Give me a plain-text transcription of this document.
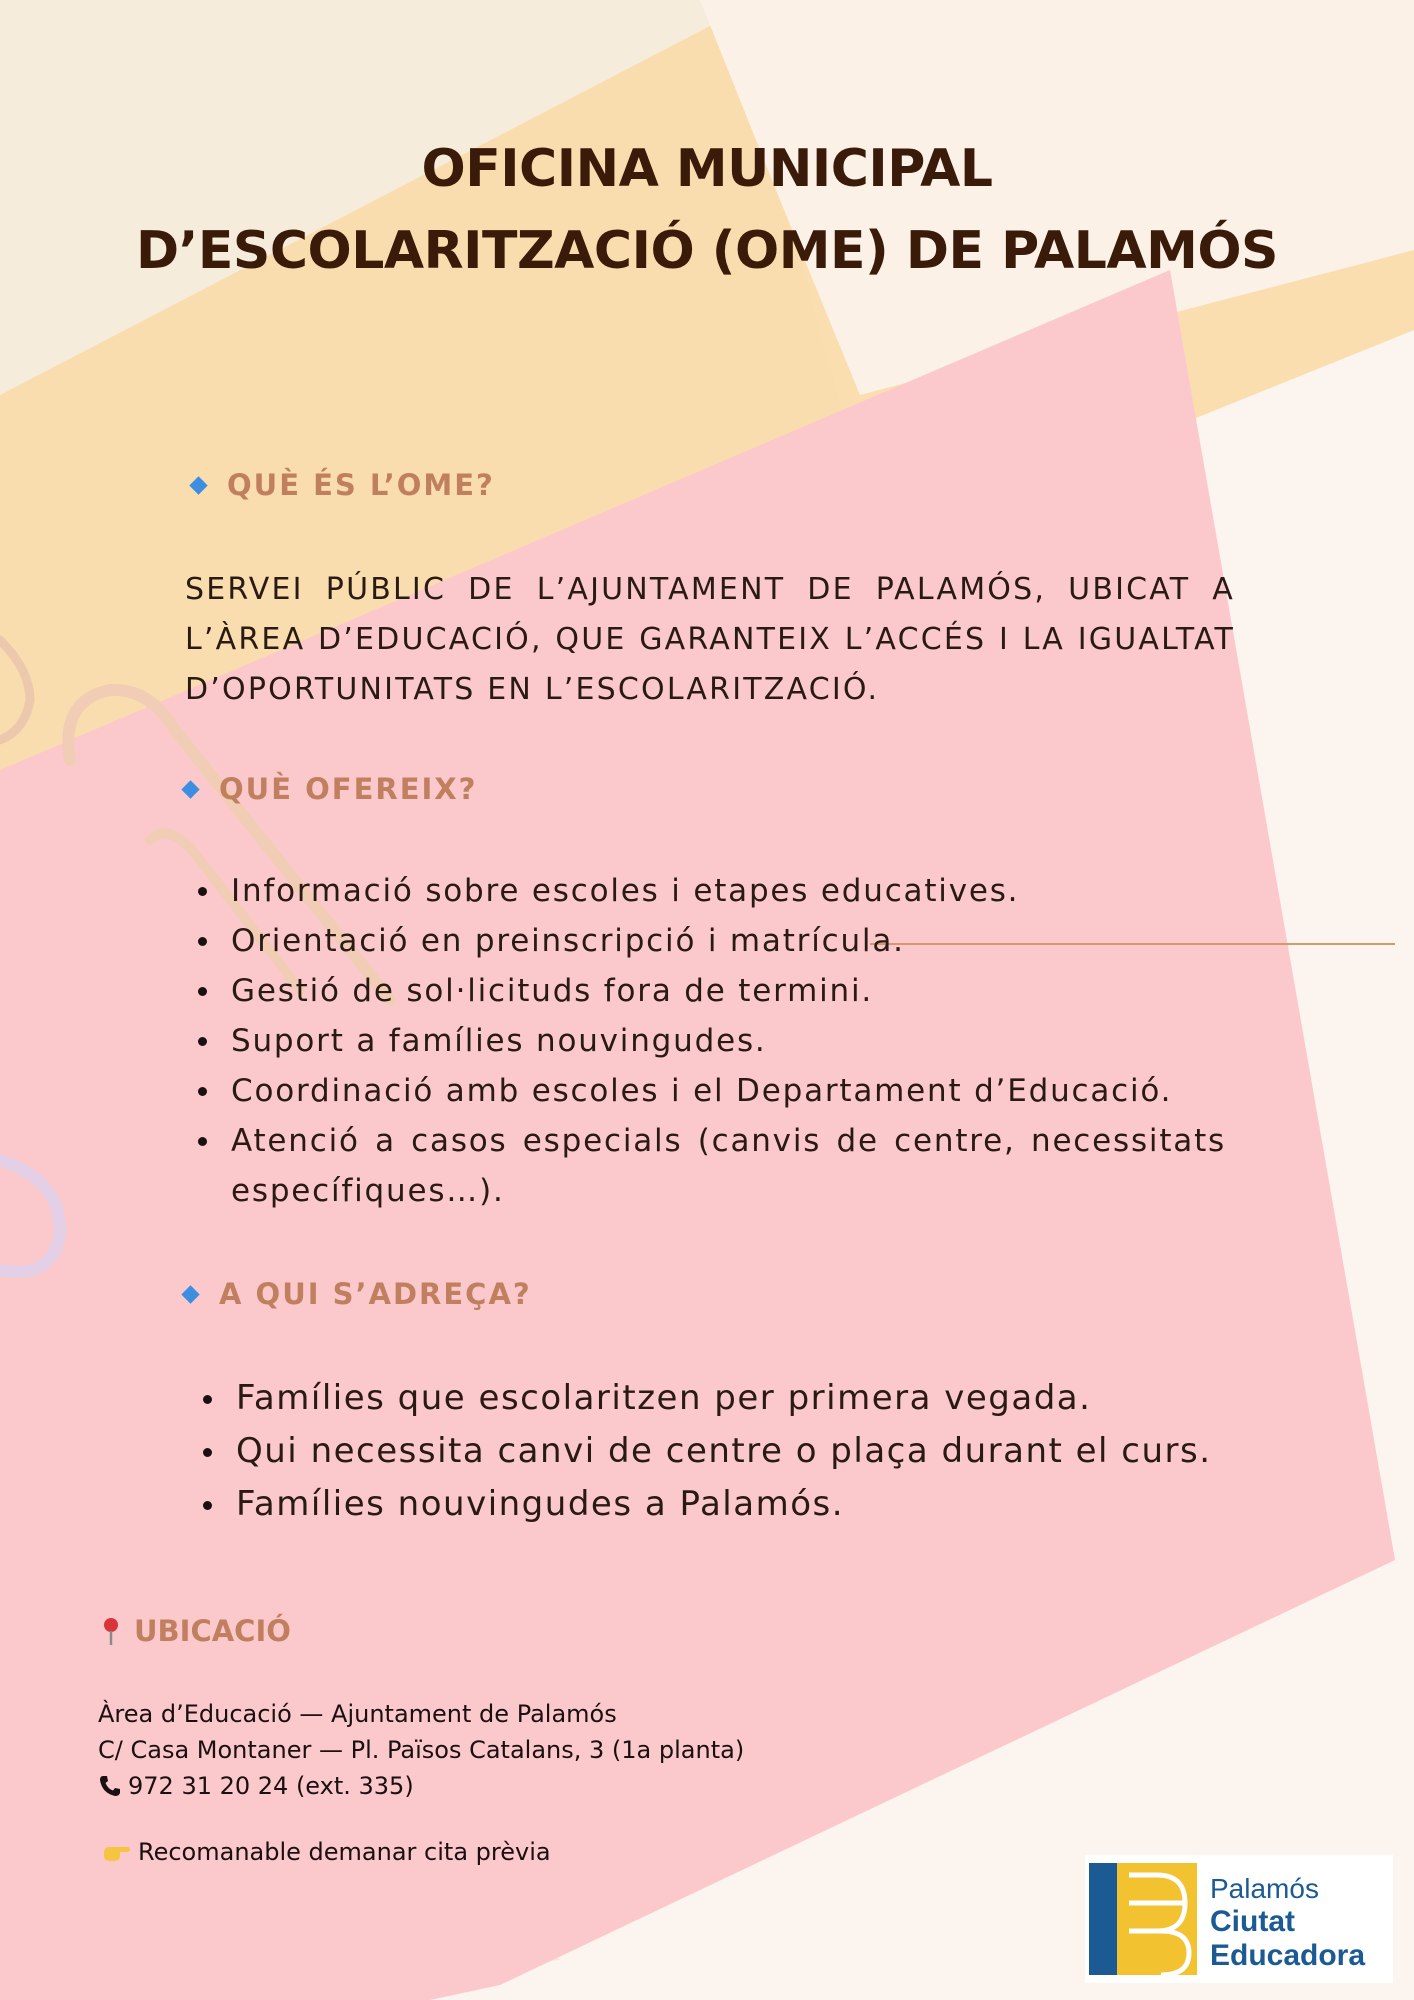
OFICINA MUNICIPAL
D’ESCOLARITZACIÓ (OME) DE PALAMÓS
QUÈ ÉS L’OME?
SERVEI PÚBLIC DE L’AJUNTAMENT DE PALAMÓS, UBICAT A L’ÀREA D’EDUCACIÓ, QUE GARANTEIX L’ACCÉS I LA IGUALTAT D’OPORTUNITATS EN L’ESCOLARITZACIÓ.
QUÈ OFEREIX?
Informació sobre escoles i etapes educatives.
Orientació en preinscripció i matrícula.
Gestió de sol·licituds fora de termini.
Suport a famílies nouvingudes.
Coordinació amb escoles i el Departament d’Educació.
Atenció a casos especials (canvis de centre, necessitats específiques…).
A QUI S’ADREÇA?
Famílies que escolaritzen per primera vegada.
Qui necessita canvi de centre o plaça durant el curs.
Famílies nouvingudes a Palamós.
UBICACIÓ
Àrea d’Educació — Ajuntament de Palamós
C/ Casa Montaner — Pl. Països Catalans, 3 (1a planta)
972 31 20 24 (ext. 335)
Recomanable demanar cita prèvia
Palamós
Ciutat
Educadora
